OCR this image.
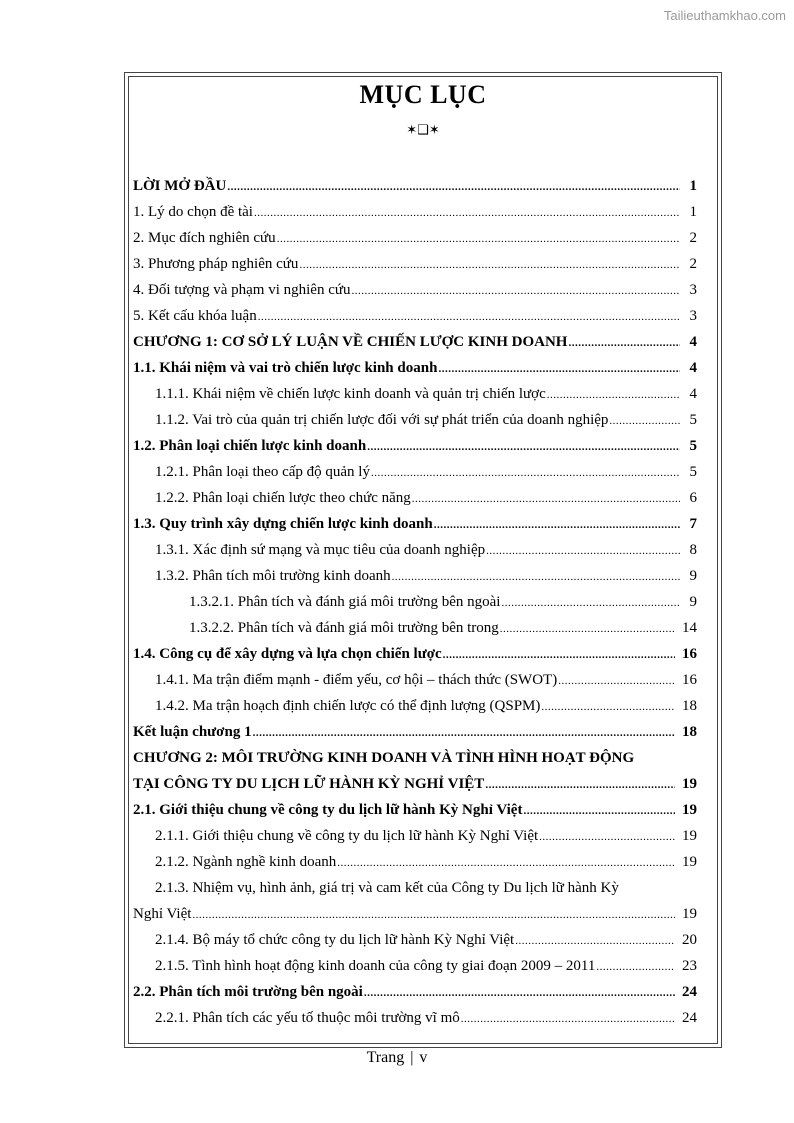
Tailieuthamkhao.com
MỤC LỤC
✶❑✶
LỜI MỞ ĐẦU .....	1
1. Lý do chọn đề tài .....	1
2. Mục đích nghiên cứu .....	2
3. Phương pháp nghiên cứu .....	2
4. Đối tượng và phạm vi nghiên cứu .....	3
5. Kết cấu khóa luận .....	3
CHƯƠNG 1: CƠ SỞ LÝ LUẬN VỀ CHIẾN LƯỢC KINH DOANH .....	4
1.1. Khái niệm và vai trò chiến lược kinh doanh .....	4
1.1.1. Khái niệm về chiến lược kinh doanh và quản trị chiến lược .....	4
1.1.2. Vai trò của quản trị chiến lược đối với sự phát triển của doanh nghiệp .....	5
1.2. Phân loại chiến lược kinh doanh .....	5
1.2.1. Phân loại theo cấp độ quản lý .....	5
1.2.2. Phân loại chiến lược theo chức năng .....	6
1.3. Quy trình xây dựng chiến lược kinh doanh .....	7
1.3.1. Xác định sứ mạng và mục tiêu của doanh nghiệp .....	8
1.3.2. Phân tích môi trường kinh doanh .....	9
1.3.2.1. Phân tích và đánh giá môi trường bên ngoài .....	9
1.3.2.2. Phân tích và đánh giá môi trường bên trong .....	14
1.4. Công cụ để xây dựng và lựa chọn chiến lược .....	16
1.4.1. Ma trận điểm mạnh - điểm yếu, cơ hội – thách thức (SWOT) .....	16
1.4.2. Ma trận hoạch định chiến lược có thể định lượng (QSPM) .....	18
Kết luận chương 1 .....	18
CHƯƠNG 2: MÔI TRƯỜNG KINH DOANH VÀ TÌNH HÌNH HOẠT ĐỘNG
TẠI CÔNG TY DU LỊCH LỮ HÀNH KỲ NGHỈ VIỆT .....	19
2.1. Giới thiệu chung về công ty du lịch lữ hành Kỳ Nghỉ Việt .....	19
2.1.1. Giới thiệu chung về công ty du lịch lữ hành Kỳ Nghỉ Việt .....	19
2.1.2. Ngành nghề kinh doanh .....	19
2.1.3. Nhiệm vụ, hình ảnh, giá trị và cam kết của Công ty Du lịch lữ hành Kỳ
Nghỉ Việt .....	19
2.1.4. Bộ máy tổ chức công ty du lịch lữ hành Kỳ Nghỉ Việt .....	20
2.1.5. Tình hình hoạt động kinh doanh của công ty giai đoạn 2009 – 2011 .....	23
2.2. Phân tích môi trường bên ngoài .....	24
2.2.1. Phân tích các yếu tố thuộc môi trường vĩ mô .....	24
Trang | v
